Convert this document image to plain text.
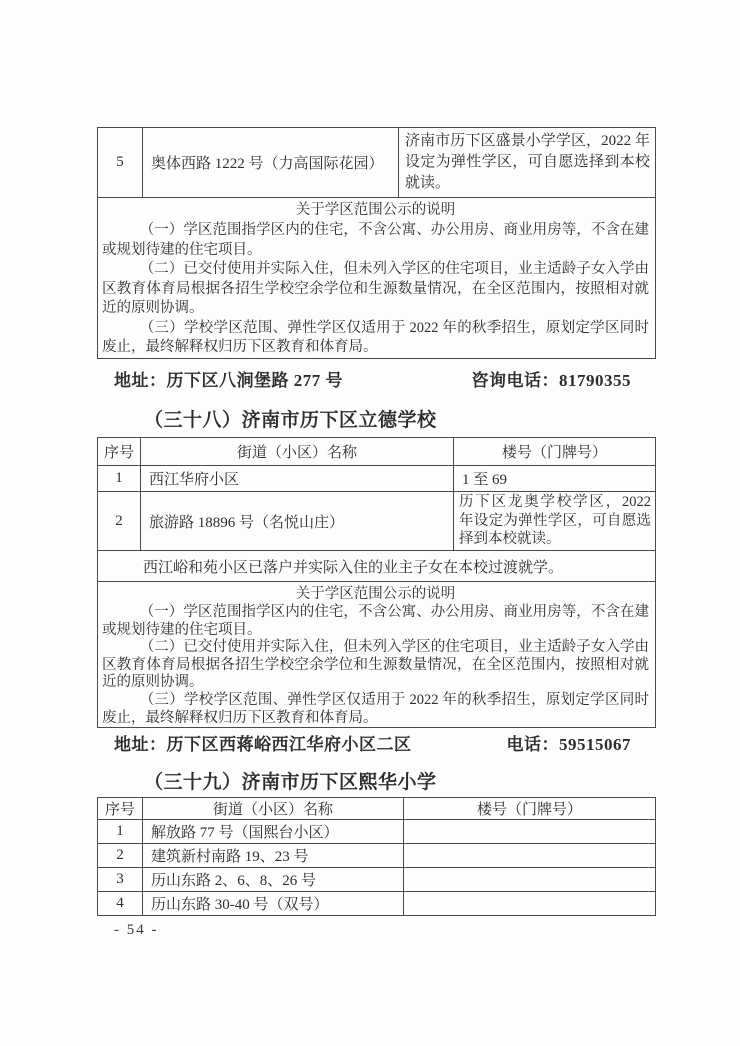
5	奥体西路 1222 号（力高国际花园）	济南市历下区盛景小学学区，2022 年设定为弹性学区，可自愿选择到本校就读。

关于学区范围公示的说明

（一）学区范围指学区内的住宅，不含公寓、办公用房、商业用房等，不含在建或规划待建的住宅项目。

（二）已交付使用并实际入住，但未列入学区的住宅项目，业主适龄子女入学由区教育体育局根据各招生学校空余学位和生源数量情况，在全区范围内，按照相对就近的原则协调。

（三）学校学区范围、弹性学区仅适用于 2022 年的秋季招生，原划定学区同时废止，最终解释权归历下区教育和体育局。

地址：历下区八涧堡路 277 号	咨询电话：81790355
（三十八）济南市历下区立德学校
序号	街道（小区）名称	楼号（门牌号）
1	西江华府小区	1 至 69
2	旅游路 18896 号（名悦山庄）	历下区龙奥学校学区，2022 年设定为弹性学区，可自愿选择到本校就读。
西江峪和苑小区已落户并实际入住的业主子女在本校过渡就学。		

关于学区范围公示的说明

（一）学区范围指学区内的住宅，不含公寓、办公用房、商业用房等，不含在建或规划待建的住宅项目。

（二）已交付使用并实际入住，但未列入学区的住宅项目，业主适龄子女入学由区教育体育局根据各招生学校空余学位和生源数量情况，在全区范围内，按照相对就近的原则协调。

（三）学校学区范围、弹性学区仅适用于 2022 年的秋季招生，原划定学区同时废止，最终解释权归历下区教育和体育局。		

地址：历下区西蒋峪西江华府小区二区	电话：59515067
（三十九）济南市历下区熙华小学
序号	街道（小区）名称	楼号（门牌号）
1	解放路 77 号（国熙台小区）	
2	建筑新村南路 19、23 号	
3	历山东路 2、6、8、26 号	
4	历山东路 30-40 号（双号）	
- 54 -
